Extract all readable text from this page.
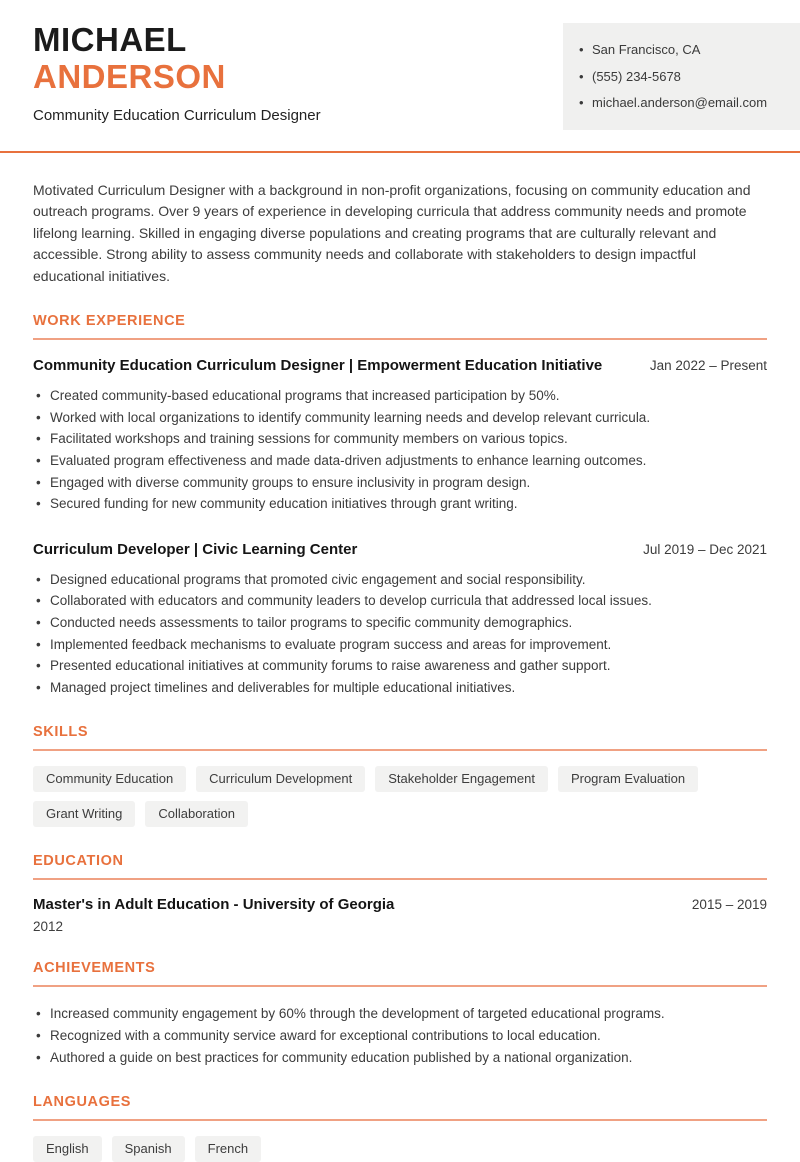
MICHAEL
ANDERSON
Community Education Curriculum Designer
• San Francisco, CA
• (555) 234-5678
• michael.anderson@email.com

Motivated Curriculum Designer with a background in non-profit organizations, focusing on community education and outreach programs. Over 9 years of experience in developing curricula that address community needs and promote lifelong learning. Skilled in engaging diverse populations and creating programs that are culturally relevant and accessible. Strong ability to assess community needs and collaborate with stakeholders to design impactful educational initiatives.

WORK EXPERIENCE
Community Education Curriculum Designer | Empowerment Education Initiative	Jan 2022 – Present
• Created community-based educational programs that increased participation by 50%.
• Worked with local organizations to identify community learning needs and develop relevant curricula.
• Facilitated workshops and training sessions for community members on various topics.
• Evaluated program effectiveness and made data-driven adjustments to enhance learning outcomes.
• Engaged with diverse community groups to ensure inclusivity in program design.
• Secured funding for new community education initiatives through grant writing.
Curriculum Developer | Civic Learning Center	Jul 2019 – Dec 2021
• Designed educational programs that promoted civic engagement and social responsibility.
• Collaborated with educators and community leaders to develop curricula that addressed local issues.
• Conducted needs assessments to tailor programs to specific community demographics.
• Implemented feedback mechanisms to evaluate program success and areas for improvement.
• Presented educational initiatives at community forums to raise awareness and gather support.
• Managed project timelines and deliverables for multiple educational initiatives.
SKILLS
Community Education	Curriculum Development	Stakeholder Engagement	Program Evaluation
Grant Writing	Collaboration
EDUCATION
Master's in Adult Education - University of Georgia	2015 – 2019
2012
ACHIEVEMENTS
• Increased community engagement by 60% through the development of targeted educational programs.
• Recognized with a community service award for exceptional contributions to local education.
• Authored a guide on best practices for community education published by a national organization.
LANGUAGES
English	Spanish	French
